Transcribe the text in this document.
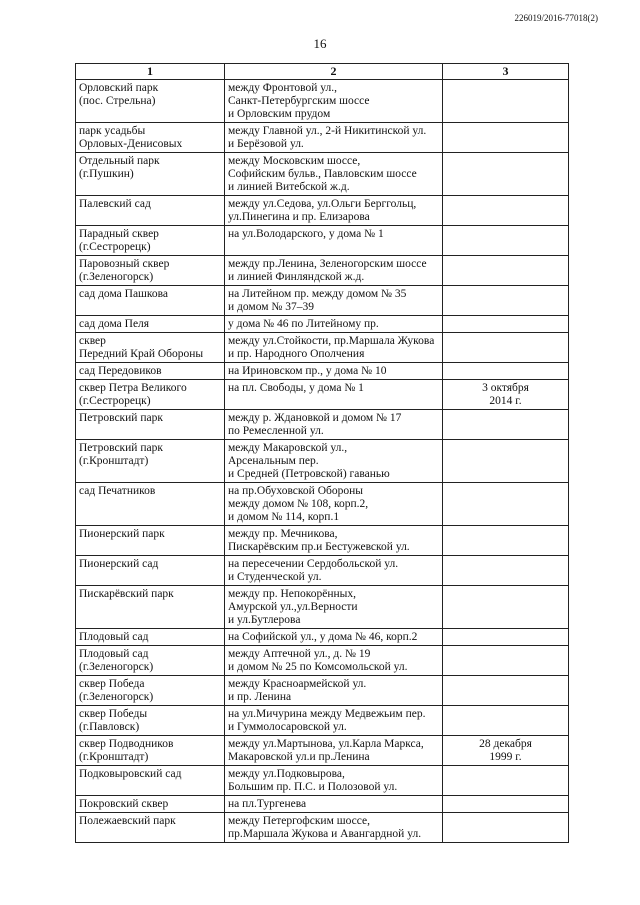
226019/2016-77018(2)
16
1	2	3

Орловский парк
(пос. Стрельна)	между Фронтовой ул.,
Санкт-Петербургским шоссе
и Орловским прудом	

парк усадьбы
Орловых-Денисовых	между Главной ул., 2-й Никитинской ул.
и Берёзовой ул.	

Отдельный парк
(г.Пушкин)	между Московским шоссе,
Софийским бульв., Павловским шоссе
и линией Витебской ж.д.	

Палевский сад	между ул.Седова, ул.Ольги Берггольц,
ул.Пинегина и пр. Елизарова	

Парадный сквер
(г.Сестрорецк)	на ул.Володарского, у дома № 1	

Паровозный сквер
(г.Зеленогорск)	между пр.Ленина, Зеленогорским шоссе
и линией Финляндской ж.д.	

сад дома Пашкова	на Литейном пр. между домом № 35
и домом № 37–39	

сад дома Пеля	у дома № 46 по Литейному пр.	

сквер
Передний Край Обороны	между ул.Стойкости, пр.Маршала Жукова
и пр. Народного Ополчения	

сад Передовиков	на Ириновском пр., у дома № 10	

сквер Петра Великого
(г.Сестрорецк)	на пл. Свободы, у дома № 1	3 октября
2014 г.

Петровский парк	между р. Ждановкой и домом № 17
по Ремесленной ул.	

Петровский парк
(г.Кронштадт)	между Макаровской ул.,
Арсенальным пер.
и Средней (Петровской) гаванью	

сад Печатников	на пр.Обуховской Обороны
между домом № 108, корп.2,
и домом № 114, корп.1	

Пионерский парк	между пр. Мечникова,
Пискарёвским пр.и Бестужевской ул.	

Пионерский сад	на пересечении Сердобольской ул.
и Студенческой ул.	

Пискарёвский парк	между пр. Непокорённых,
Амурской ул.,ул.Верности
и ул.Бутлерова	

Плодовый сад	на Софийской ул., у дома № 46, корп.2	

Плодовый сад
(г.Зеленогорск)	между Аптечной ул., д. № 19
и домом № 25 по Комсомольской ул.	

сквер Победа
(г.Зеленогорск)	между Красноармейской ул.
и пр. Ленина	

сквер Победы
(г.Павловск)	на ул.Мичурина между Медвежьим пер.
и Гуммолосаровской ул.	

сквер Подводников
(г.Кронштадт)	между ул.Мартынова, ул.Карла Маркса,
Макаровской ул.и пр.Ленина	28 декабря
1999 г.

Подковыровский сад	между ул.Подковырова,
Большим пр. П.С. и Полозовой ул.	

Покровский сквер	на пл.Тургенева	

Полежаевский парк	между Петергофским шоссе,
пр.Маршала Жукова и Авангардной ул.	
